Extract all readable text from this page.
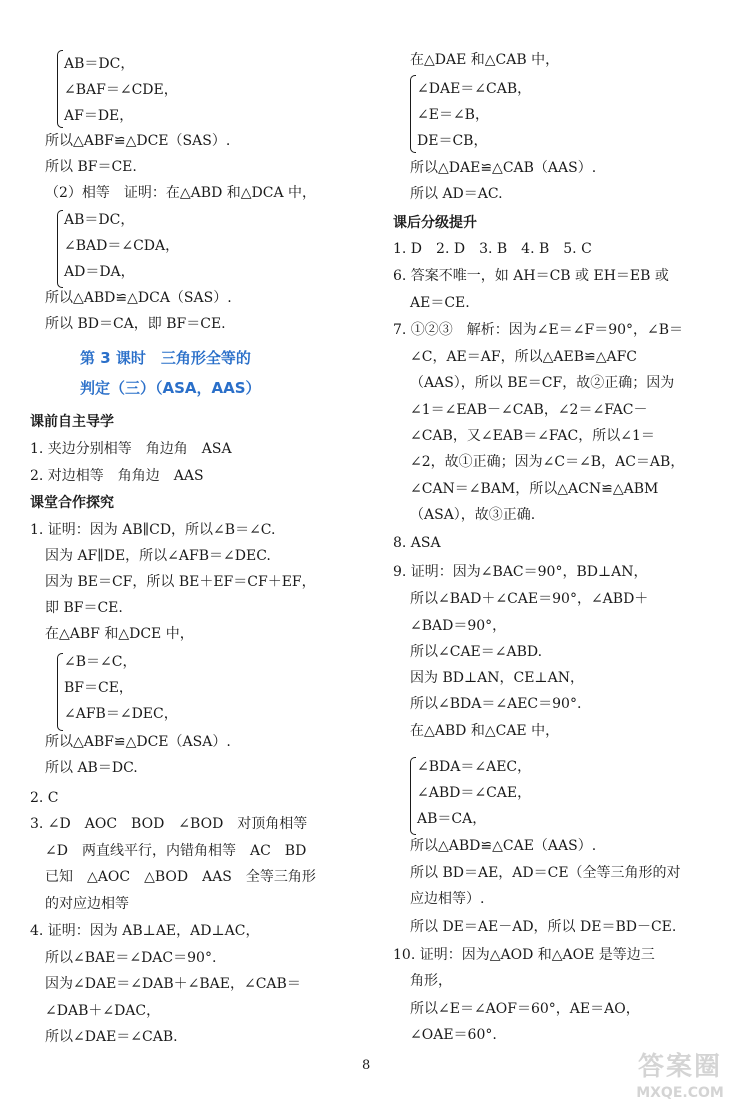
AB＝DC，
∠BAF＝∠CDE，
AF＝DE，
所以△ABF≌△DCE（SAS）.
所以 BF＝CE.
（2）相等　证明：在△ABD 和△DCA 中，
AB＝DC，
∠BAD＝∠CDA，
AD＝DA，
所以△ABD≌△DCA（SAS）.
所以 BD＝CA，即 BF＝CE.
第 3 课时　三角形全等的
判定（三）（ASA，AAS）
课前自主导学
1. 夹边分别相等　角边角　ASA
2. 对边相等　角角边　AAS
课堂合作探究
1. 证明：因为 AB∥CD，所以∠B＝∠C.
因为 AF∥DE，所以∠AFB＝∠DEC.
因为 BE＝CF，所以 BE＋EF＝CF＋EF，
即 BF＝CE.
在△ABF 和△DCE 中，
∠B＝∠C，
BF＝CE，
∠AFB＝∠DEC，
所以△ABF≌△DCE（ASA）.
所以 AB＝DC.
2. C
3. ∠D　AOC　BOD　∠BOD　对顶角相等
∠D　两直线平行，内错角相等　AC　BD
已知　△AOC　△BOD　AAS　全等三角形
的对应边相等
4. 证明：因为 AB⊥AE，AD⊥AC，
所以∠BAE＝∠DAC＝90°.
因为∠DAE＝∠DAB＋∠BAE，∠CAB＝
∠DAB＋∠DAC，
所以∠DAE＝∠CAB.
在△DAE 和△CAB 中，
∠DAE＝∠CAB，
∠E＝∠B，
DE＝CB，
所以△DAE≌△CAB（AAS）.
所以 AD＝AC.
课后分级提升
1. D　2. D　3. B　4. B　5. C
6. 答案不唯一，如 AH＝CB 或 EH＝EB 或
AE＝CE.
7. ①②③　解析：因为∠E＝∠F＝90°，∠B＝
∠C，AE＝AF，所以△AEB≌△AFC
（AAS），所以 BE＝CF，故②正确；因为
∠1＝∠EAB－∠CAB，∠2＝∠FAC－
∠CAB，又∠EAB＝∠FAC，所以∠1＝
∠2，故①正确；因为∠C＝∠B，AC＝AB，
∠CAN＝∠BAM，所以△ACN≌△ABM
（ASA），故③正确.
8. ASA
9. 证明：因为∠BAC＝90°，BD⊥AN，
所以∠BAD＋∠CAE＝90°，∠ABD＋
∠BAD＝90°，
所以∠CAE＝∠ABD.
因为 BD⊥AN，CE⊥AN，
所以∠BDA＝∠AEC＝90°.
在△ABD 和△CAE 中，
∠BDA＝∠AEC，
∠ABD＝∠CAE，
AB＝CA，
所以△ABD≌△CAE（AAS）.
所以 BD＝AE，AD＝CE（全等三角形的对
应边相等）.
所以 DE＝AE－AD，所以 DE＝BD－CE.
10. 证明：因为△AOD 和△AOE 是等边三
角形，
所以∠E＝∠AOF＝60°，AE＝AO，
∠OAE＝60°.
8	答案圈
MXQE.COM
